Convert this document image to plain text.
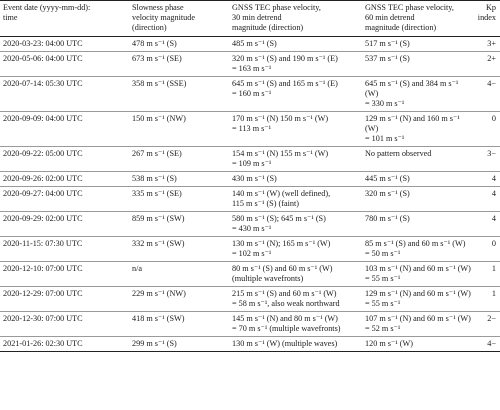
Event date (yyyy-mm-dd):
time	Slowness phase
velocity magnitude
(direction)	GNSS TEC phase velocity,
30 min detrend
magnitude (direction)	GNSS TEC phase velocity,
60 min detrend
magnitude (direction)	Kp
index
2020-03-23: 04:00 UTC	478 m s⁻¹ (S)	485 m s⁻¹ (S)	517 m s⁻¹ (S)	3+
2020-05-06: 04:00 UTC	673 m s⁻¹ (SE)	320 m s⁻¹ (S) and 190 m s⁻¹ (E)
= 163 m s⁻¹	537 m s⁻¹ (S)	2+
2020-07-14: 05:30 UTC	358 m s⁻¹ (SSE)	645 m s⁻¹ (S) and 165 m s⁻¹ (E)
= 160 m s⁻¹	645 m s⁻¹ (S) and 384 m s⁻¹ (W)
= 330 m s⁻¹	4−
2020-09-09: 04:00 UTC	150 m s⁻¹ (NW)	170 m s⁻¹ (N) 150 m s⁻¹ (W)
= 113 m s⁻¹	129 m s⁻¹ (N) and 160 m s⁻¹ (W)
= 101 m s⁻¹	0
2020-09-22: 05:00 UTC	267 m s⁻¹ (SE)	154 m s⁻¹ (N) 155 m s⁻¹ (W)
= 109 m s⁻¹	No pattern observed	3−
2020-09-26: 02:00 UTC	538 m s⁻¹ (S)	430 m s⁻¹ (S)	445 m s⁻¹ (S)	4
2020-09-27: 04:00 UTC	335 m s⁻¹ (SE)	140 m s⁻¹ (W) (well defined),
115 m s⁻¹ (S) (faint)	320 m s⁻¹ (S)	4
2020-09-29: 02:00 UTC	859 m s⁻¹ (SW)	580 m s⁻¹ (S); 645 m s⁻¹ (S)
= 430 m s⁻¹	780 m s⁻¹ (S)	4
2020-11-15: 07:30 UTC	332 m s⁻¹ (SW)	130 m s⁻¹ (N); 165 m s⁻¹ (W)
= 102 m s⁻¹	85 m s⁻¹ (S) and 60 m s⁻¹ (W)
= 50 m s⁻¹	0
2020-12-10: 07:00 UTC	n/a	80 m s⁻¹ (S) and 60 m s⁻¹ (W)
(multiple wavefronts)	103 m s⁻¹ (N) and 60 m s⁻¹ (W)
= 55 m s⁻¹	1
2020-12-29: 07:00 UTC	229 m s⁻¹ (NW)	215 m s⁻¹ (S) and 60 m s⁻¹ (W)
= 58 m s⁻¹, also weak northward	129 m s⁻¹ (N) and 60 m s⁻¹ (W)
= 55 m s⁻¹	1
2020-12-30: 07:00 UTC	418 m s⁻¹ (SW)	145 m s⁻¹ (N) and 80 m s⁻¹ (W)
= 70 m s⁻¹ (multiple wavefronts)	107 m s⁻¹ (N) and 60 m s⁻¹ (W)
= 52 m s⁻¹	2−
2021-01-26: 02:30 UTC	299 m s⁻¹ (S)	130 m s⁻¹ (W) (multiple waves)	120 m s⁻¹ (W)	4−
